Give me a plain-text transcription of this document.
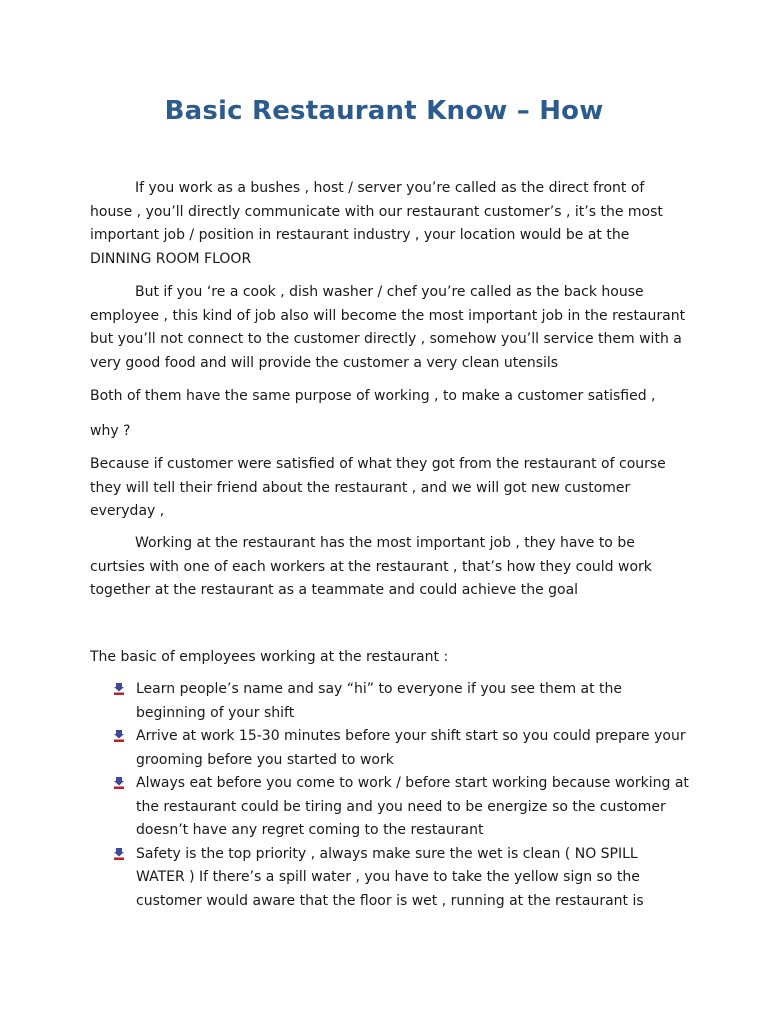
Basic Restaurant Know – How

If you work as a bushes , host / server you’re called as the direct front of house , you’ll directly communicate with our restaurant customer’s , it’s the most important job / position in restaurant industry , your location would be at the DINNING ROOM FLOOR

But if you ‘re a cook , dish washer / chef you’re called as the back house employee , this kind of job also will become the most important job in the restaurant but you’ll not connect to the customer directly , somehow you’ll service them with a very good food and will provide the customer a very clean utensils

Both of them have the same purpose of working , to make a customer satisfied ,

why ?

Because if customer were satisfied of what they got from the restaurant of course they will tell their friend about the restaurant , and we will got new customer everyday ,

Working at the restaurant has the most important job , they have to be curtsies with one of each workers at the restaurant , that’s how they could work together at the restaurant as a teammate and could achieve the goal

The basic of employees working at the restaurant :

Learn people’s name and say “hi” to everyone if you see them at the beginning of your shift
Arrive at work 15-30 minutes before your shift start so you could prepare your grooming before you started to work
Always eat before you come to work / before start working because working at the restaurant could be tiring and you need to be energize so the customer doesn’t have any regret coming to the restaurant
Safety is the top priority , always make sure the wet is clean ( NO SPILL WATER ) If there’s a spill water , you have to take the yellow sign so the customer would aware that the floor is wet , running at the restaurant is
